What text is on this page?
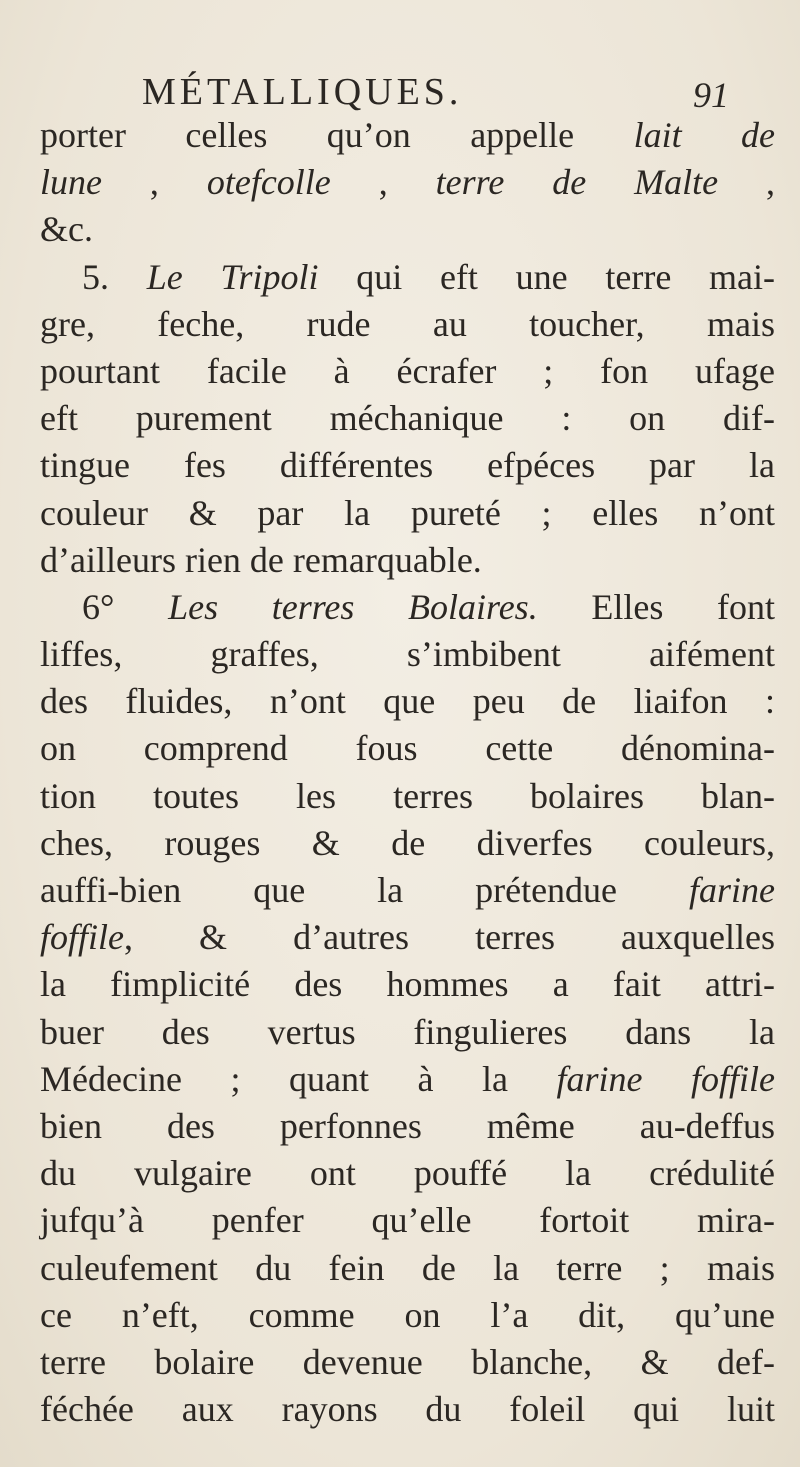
MÉTALLIQUES.	91
porter celles qu’on appelle lait de
lune , otefcolle , terre de Malte ,
&c.
5. Le Tripoli qui eft une terre mai-
gre, feche, rude au toucher, mais
pourtant facile à écrafer ; fon ufage
eft purement méchanique : on dif-
tingue fes différentes efpéces par la
couleur & par la pureté ; elles n’ont
d’ailleurs rien de remarquable.
6° Les terres Bolaires. Elles font
liffes, graffes, s’imbibent aifément
des fluides, n’ont que peu de liaifon :
on comprend fous cette dénomina-
tion toutes les terres bolaires blan-
ches, rouges & de diverfes couleurs,
auffi-bien que la prétendue farine
foffile, & d’autres terres auxquelles
la fimplicité des hommes a fait attri-
buer des vertus fingulieres dans la
Médecine ; quant à la farine foffile
bien des perfonnes même au-deffus
du vulgaire ont pouffé la crédulité
jufqu’à penfer qu’elle fortoit mira-
culeufement du fein de la terre ; mais
ce n’eft, comme on l’a dit, qu’une
terre bolaire devenue blanche, & def-
féchée aux rayons du foleil qui luit
